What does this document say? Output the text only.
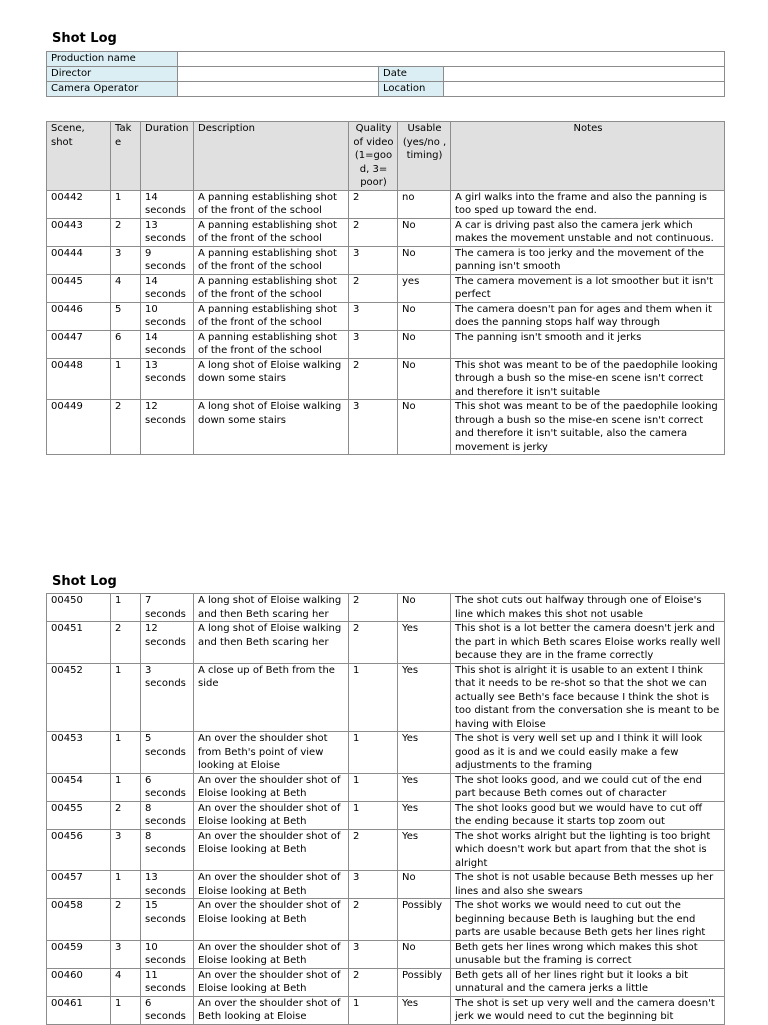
Shot Log
Production name			
Director		Date	
Camera Operator		Location	
Scene, shot	Take	Duration	Description	Quality of video (1=good, 3= poor)	Usable (yes/no , timing)	Notes
00442	1	14 seconds	A panning establishing shot of the front of the school	2	no	A girl walks into the frame and also the panning is too sped up toward the end.
00443	2	13 seconds	A panning establishing shot of the front of the school	2	No	A car is driving past also the camera jerk which makes the movement unstable and not continuous.
00444	3	9 seconds	A panning establishing shot of the front of the school	3	No	The camera is too jerky and the movement of the panning isn't smooth
00445	4	14 seconds	A panning establishing shot of the front of the school	2	yes	The camera movement is a lot smoother but it isn't perfect
00446	5	10 seconds	A panning establishing shot of the front of the school	3	No	The camera doesn't pan for ages and them when it does the panning stops half way through
00447	6	14 seconds	A panning establishing shot of the front of the school	3	No	The panning isn't smooth and it jerks
00448	1	13 seconds	A long shot of Eloise walking down some stairs	2	No	This shot was meant to be of the paedophile looking through a bush so the mise-en scene isn't correct and therefore it isn't suitable
00449	2	12 seconds	A long shot of Eloise walking down some stairs	3	No	This shot was meant to be of the paedophile looking through a bush so the mise-en scene isn't correct and therefore it isn't suitable, also the camera movement is jerky
Shot Log
00450	1	7 seconds	A long shot of Eloise walking and then Beth scaring her	2	No	The shot cuts out halfway through one of Eloise's line which makes this shot not usable
00451	2	12 seconds	A long shot of Eloise walking and then Beth scaring her	2	Yes	This shot is a lot better the camera doesn't jerk and the part in which Beth scares Eloise works really well because they are in the frame correctly
00452	1	3 seconds	A close up of Beth from the side	1	Yes	This shot is alright it is usable to an extent I think that it needs to be re-shot so that the shot we can actually see Beth's face because I think the shot is too distant from the conversation she is meant to be having with Eloise
00453	1	5 seconds	An over the shoulder shot from Beth's point of view looking at Eloise	1	Yes	The shot is very well set up and I think it will look good as it is and we could easily make a few adjustments to the framing
00454	1	6 seconds	An over the shoulder shot of Eloise looking at Beth	1	Yes	The shot looks good, and we could cut of the end part because Beth comes out of character
00455	2	8 seconds	An over the shoulder shot of Eloise looking at Beth	1	Yes	The shot looks good but we would have to cut off the ending because it starts top zoom out
00456	3	8 seconds	An over the shoulder shot of Eloise looking at Beth	2	Yes	The shot works alright but the lighting is too bright which doesn't work but apart from that the shot is alright
00457	1	13 seconds	An over the shoulder shot of Eloise looking at Beth	3	No	The shot is not usable because Beth messes up her lines and also she swears
00458	2	15 seconds	An over the shoulder shot of Eloise looking at Beth	2	Possibly	The shot works we would need to cut out the beginning because Beth is laughing but the end parts are usable because Beth gets her lines right
00459	3	10 seconds	An over the shoulder shot of Eloise looking at Beth	3	No	Beth gets her lines wrong which makes this shot unusable but the framing is correct
00460	4	11 seconds	An over the shoulder shot of Eloise looking at Beth	2	Possibly	Beth gets all of her lines right but it looks a bit unnatural and the camera jerks a little
00461	1	6 seconds	An over the shoulder shot of Beth looking at Eloise	1	Yes	The shot is set up very well and the camera doesn't jerk we would need to cut the beginning bit
